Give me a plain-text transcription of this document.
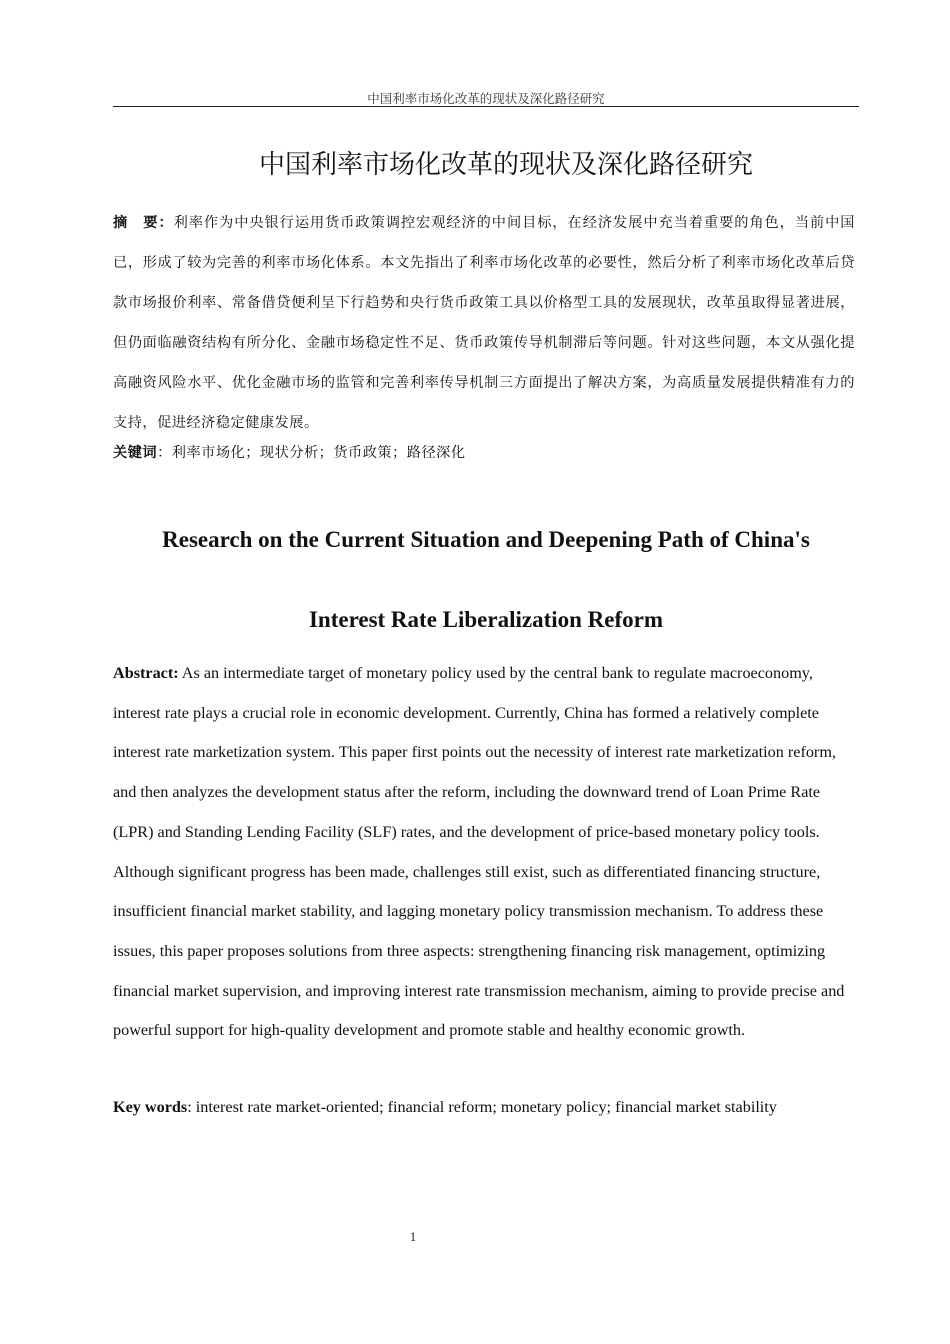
中国利率市场化改革的现状及深化路径研究
中国利率市场化改革的现状及深化路径研究
摘　要：利率作为中央银行运用货币政策调控宏观经济的中间目标，在经济发展中充当着重要的角色，当前中国已，形成了较为完善的利率市场化体系。本文先指出了利率市场化改革的必要性，然后分析了利率市场化改革后贷款市场报价利率、常备借贷便利呈下行趋势和央行货币政策工具以价格型工具的发展现状，改革虽取得显著进展，但仍面临融资结构有所分化、金融市场稳定性不足、货币政策传导机制滞后等问题。针对这些问题，本文从强化提高融资风险水平、优化金融市场的监管和完善利率传导机制三方面提出了解决方案，为高质量发展提供精准有力的支持，促进经济稳定健康发展。
关键词：利率市场化；现状分析；货币政策；路径深化
Research on the Current Situation and Deepening Path of China's
Interest Rate Liberalization Reform
Abstract: As an intermediate target of monetary policy used by the central bank to regulate macroeconomy, interest rate plays a crucial role in economic development. Currently, China has formed a relatively complete interest rate marketization system. This paper first points out the necessity of interest rate marketization reform, and then analyzes the development status after the reform, including the downward trend of Loan Prime Rate (LPR) and Standing Lending Facility (SLF) rates, and the development of price-based monetary policy tools. Although significant progress has been made, challenges still exist, such as differentiated financing structure, insufficient financial market stability, and lagging monetary policy transmission mechanism. To address these issues, this paper proposes solutions from three aspects: strengthening financing risk management, optimizing financial market supervision, and improving interest rate transmission mechanism, aiming to provide precise and powerful support for high-quality development and promote stable and healthy economic growth.
Key words: interest rate market-oriented; financial reform; monetary policy; financial market stability
1
